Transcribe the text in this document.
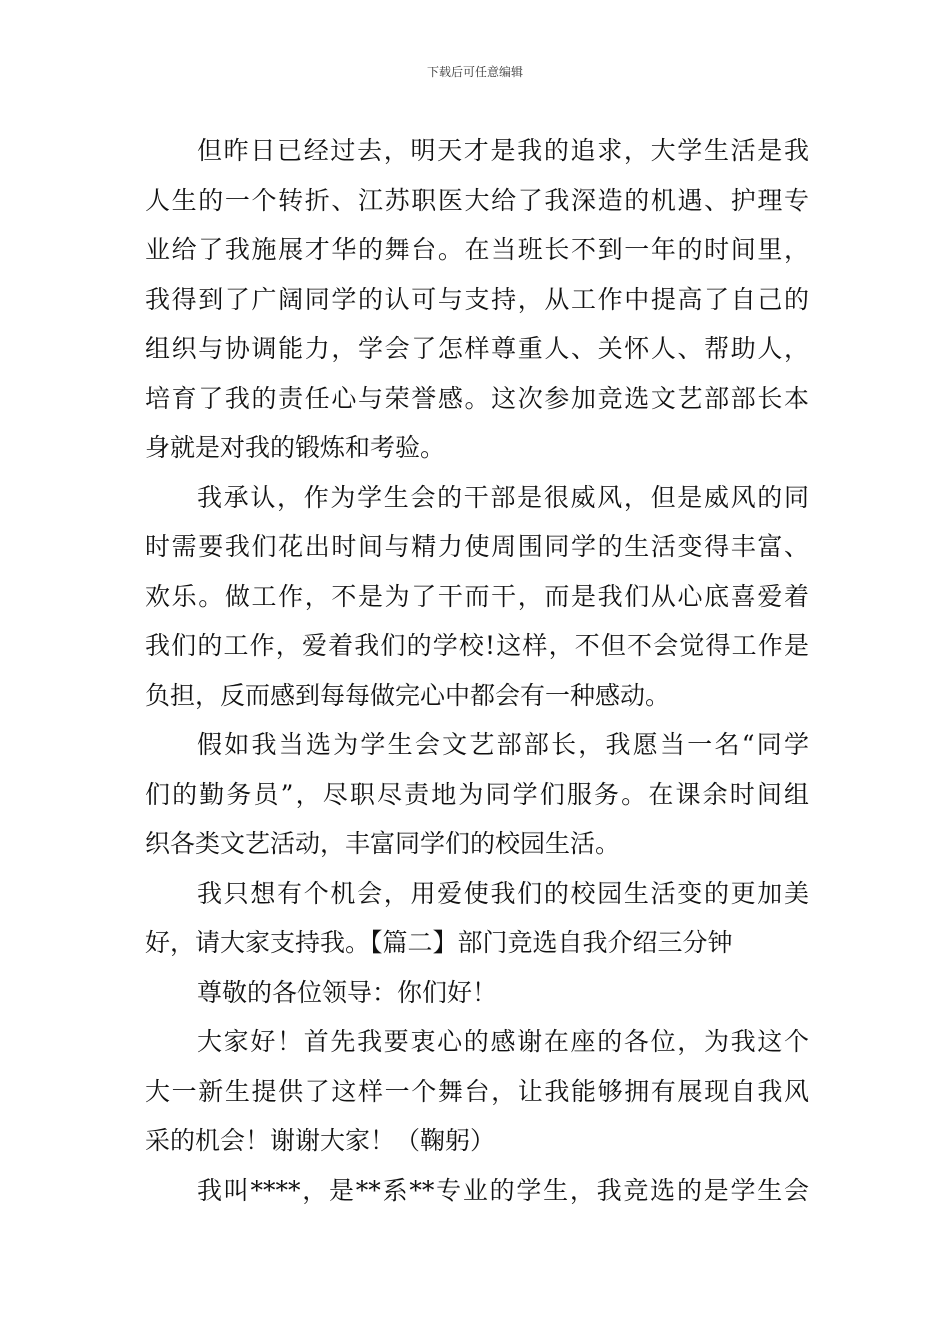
下载后可任意编辑
但昨日已经过去，明天才是我的追求，大学生活是我
人生的一个转折、江苏职医大给了我深造的机遇、护理专
业给了我施展才华的舞台。在当班长不到一年的时间里，
我得到了广阔同学的认可与支持，从工作中提高了自己的
组织与协调能力，学会了怎样尊重人、关怀人、帮助人，
培育了我的责任心与荣誉感。这次参加竞选文艺部部长本
身就是对我的锻炼和考验。
我承认，作为学生会的干部是很威风，但是威风的同
时需要我们花出时间与精力使周围同学的生活变得丰富、
欢乐。做工作，不是为了干而干，而是我们从心底喜爱着
我们的工作，爱着我们的学校!这样，不但不会觉得工作是
负担，反而感到每每做完心中都会有一种感动。
假如我当选为学生会文艺部部长，我愿当一名“同学
们的勤务员”，尽职尽责地为同学们服务。在课余时间组
织各类文艺活动，丰富同学们的校园生活。
我只想有个机会，用爱使我们的校园生活变的更加美
好，请大家支持我。【篇二】部门竞选自我介绍三分钟
尊敬的各位领导：你们好！
大家好！首先我要衷心的感谢在座的各位，为我这个
大一新生提供了这样一个舞台，让我能够拥有展现自我风
采的机会！谢谢大家！（鞠躬）
我叫****，是**系**专业的学生，我竞选的是学生会
